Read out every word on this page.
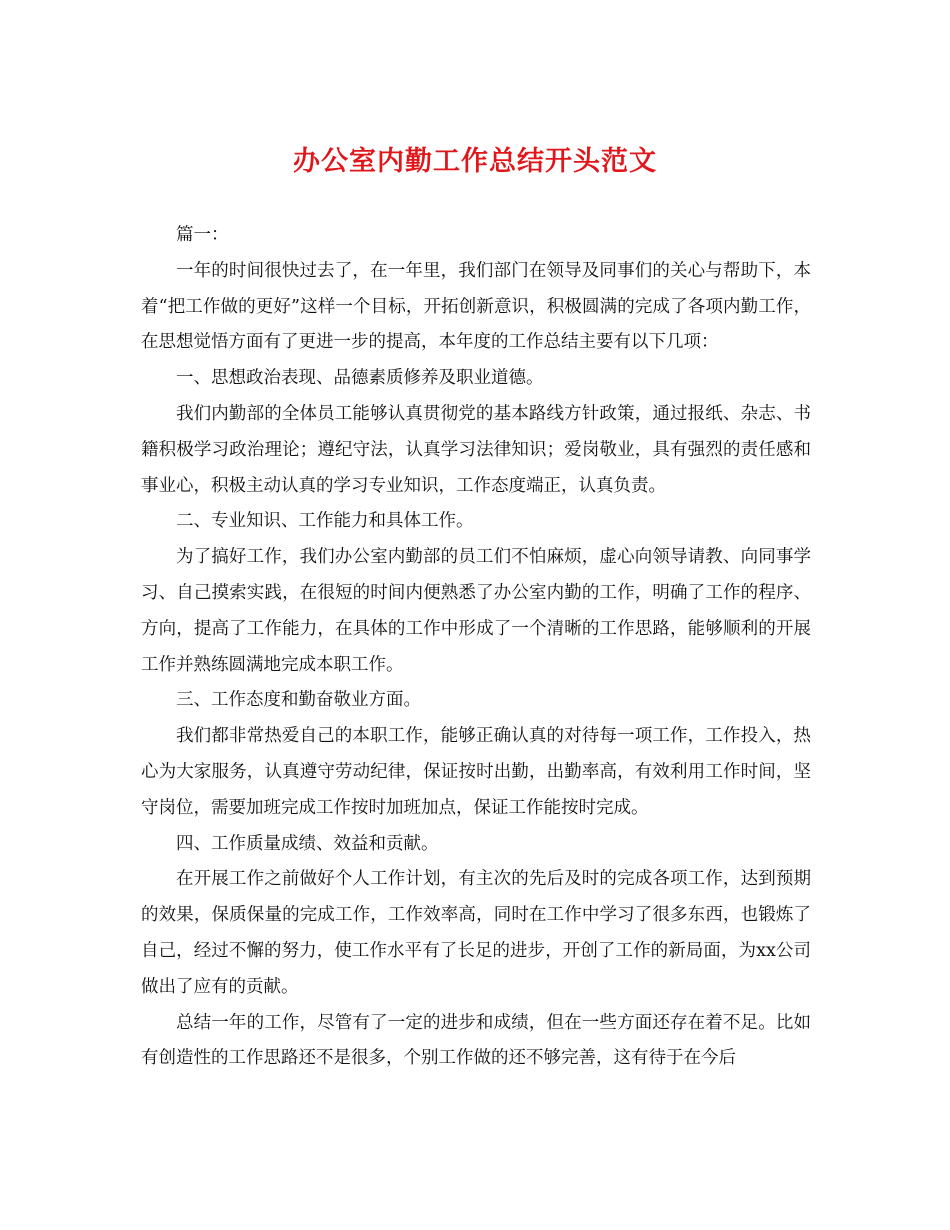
办公室内勤工作总结开头范文

篇一：

一年的时间很快过去了，在一年里，我们部门在领导及同事们的关心与帮助下，本着“把工作做的更好”这样一个目标，开拓创新意识，积极圆满的完成了各项内勤工作，在思想觉悟方面有了更进一步的提高，本年度的工作总结主要有以下几项：

一、思想政治表现、品德素质修养及职业道德。

我们内勤部的全体员工能够认真贯彻党的基本路线方针政策，通过报纸、杂志、书籍积极学习政治理论；遵纪守法，认真学习法律知识；爱岗敬业，具有强烈的责任感和事业心，积极主动认真的学习专业知识，工作态度端正，认真负责。

二、专业知识、工作能力和具体工作。

为了搞好工作，我们办公室内勤部的员工们不怕麻烦，虚心向领导请教、向同事学习、自己摸索实践，在很短的时间内便熟悉了办公室内勤的工作，明确了工作的程序、方向，提高了工作能力，在具体的工作中形成了一个清晰的工作思路，能够顺利的开展工作并熟练圆满地完成本职工作。

三、工作态度和勤奋敬业方面。

我们都非常热爱自己的本职工作，能够正确认真的对待每一项工作，工作投入，热心为大家服务，认真遵守劳动纪律，保证按时出勤，出勤率高，有效利用工作时间，坚守岗位，需要加班完成工作按时加班加点，保证工作能按时完成。

四、工作质量成绩、效益和贡献。

在开展工作之前做好个人工作计划，有主次的先后及时的完成各项工作，达到预期的效果，保质保量的完成工作，工作效率高，同时在工作中学习了很多东西，也锻炼了自己，经过不懈的努力，使工作水平有了长足的进步，开创了工作的新局面，为xx公司做出了应有的贡献。

总结一年的工作，尽管有了一定的进步和成绩，但在一些方面还存在着不足。比如有创造性的工作思路还不是很多，个别工作做的还不够完善，这有待于在今后
